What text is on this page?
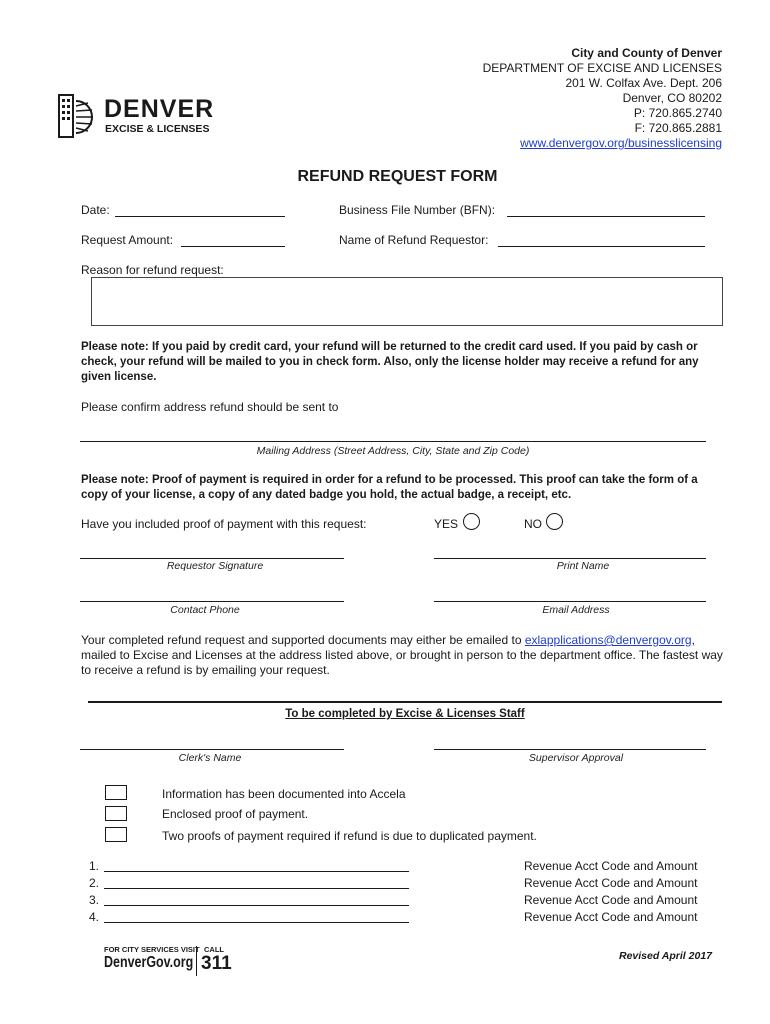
City and County of Denver
DEPARTMENT OF EXCISE AND LICENSES
201 W. Colfax Ave. Dept. 206
Denver, CO 80202
P: 720.865.2740
F: 720.865.2881
www.denvergov.org/businesslicensing
DENVER
EXCISE & LICENSES
REFUND REQUEST FORM
Date:	Business File Number (BFN):
Request Amount:	Name of Refund Requestor:
Reason for refund request:
Please note: If you paid by credit card, your refund will be returned to the credit card used. If you paid by cash or check, your refund will be mailed to you in check form. Also, only the license holder may receive a refund for any given license.
Please confirm address refund should be sent to
Mailing Address (Street Address, City, State and Zip Code)
Please note: Proof of payment is required in order for a refund to be processed. This proof can take the form of a copy of your license, a copy of any dated badge you hold, the actual badge, a receipt, etc.
Have you included proof of payment with this request:	YES	NO
Requestor Signature	Print Name
Contact Phone	Email Address
Your completed refund request and supported documents may either be emailed to exlapplications@denvergov.org, mailed to Excise and Licenses at the address listed above, or brought in person to the department office. The fastest way to receive a refund is by emailing your request.
To be completed by Excise & Licenses Staff
Clerk's Name	Supervisor Approval
Information has been documented into Accela
Enclosed proof of payment.
Two proofs of payment required if refund is due to duplicated payment.
1.	Revenue Acct Code and Amount
2.	Revenue Acct Code and Amount
3.	Revenue Acct Code and Amount
4.	Revenue Acct Code and Amount
FOR CITY SERVICES VISIT CALL
DenverGov.org 311	Revised April 2017
